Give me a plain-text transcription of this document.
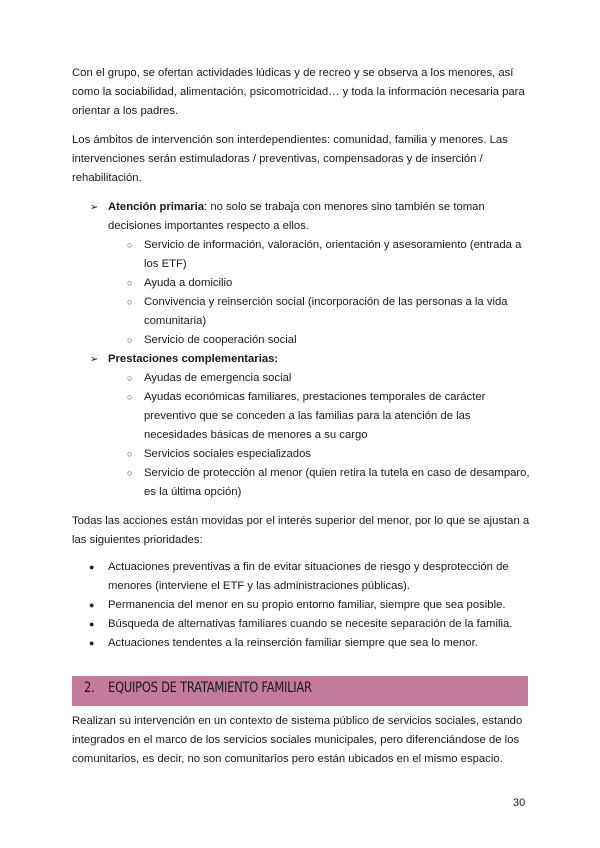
Con el grupo, se ofertan actividades lúdicas y de recreo y se observa a los menores, así como la sociabilidad, alimentación, psicomotricidad… y toda la información necesaria para orientar a los padres.

Los ámbitos de intervención son interdependientes: comunidad, familia y menores. Las intervenciones serán estimuladoras / preventivas, compensadoras y de inserción / rehabilitación.

➢ Atención primaria: no solo se trabaja con menores sino también se toman decisiones importantes respecto a ellos.
○ Servicio de información, valoración, orientación y asesoramiento (entrada a los ETF)
○ Ayuda a domicilio
○ Convivencia y reinserción social (incorporación de las personas a la vida comunitaria)
○ Servicio de cooperación social
➢ Prestaciones complementarias:
○ Ayudas de emergencia social
○ Ayudas económicas familiares, prestaciones temporales de carácter preventivo que se conceden a las familias para la atención de las necesidades básicas de menores a su cargo
○ Servicios sociales especializados
○ Servicio de protección al menor (quien retira la tutela en caso de desamparo, es la última opción)

Todas las acciones están movidas por el interés superior del menor, por lo que se ajustan a las siguientes prioridades:

● Actuaciones preventivas a fin de evitar situaciones de riesgo y desprotección de menores (interviene el ETF y las administraciones públicas).
● Permanencia del menor en su propio entorno familiar, siempre que sea posible.
● Búsqueda de alternativas familiares cuando se necesite separación de la familia.
● Actuaciones tendentes a la reinserción familiar siempre que sea lo menor.
2. EQUIPOS DE TRATAMIENTO FAMILIAR

Realizan su intervención en un contexto de sistema público de servicios sociales, estando integrados en el marco de los servicios sociales municipales, pero diferenciándose de los comunitarios, es decir, no son comunitarios pero están ubicados en el mismo espacio.

30
